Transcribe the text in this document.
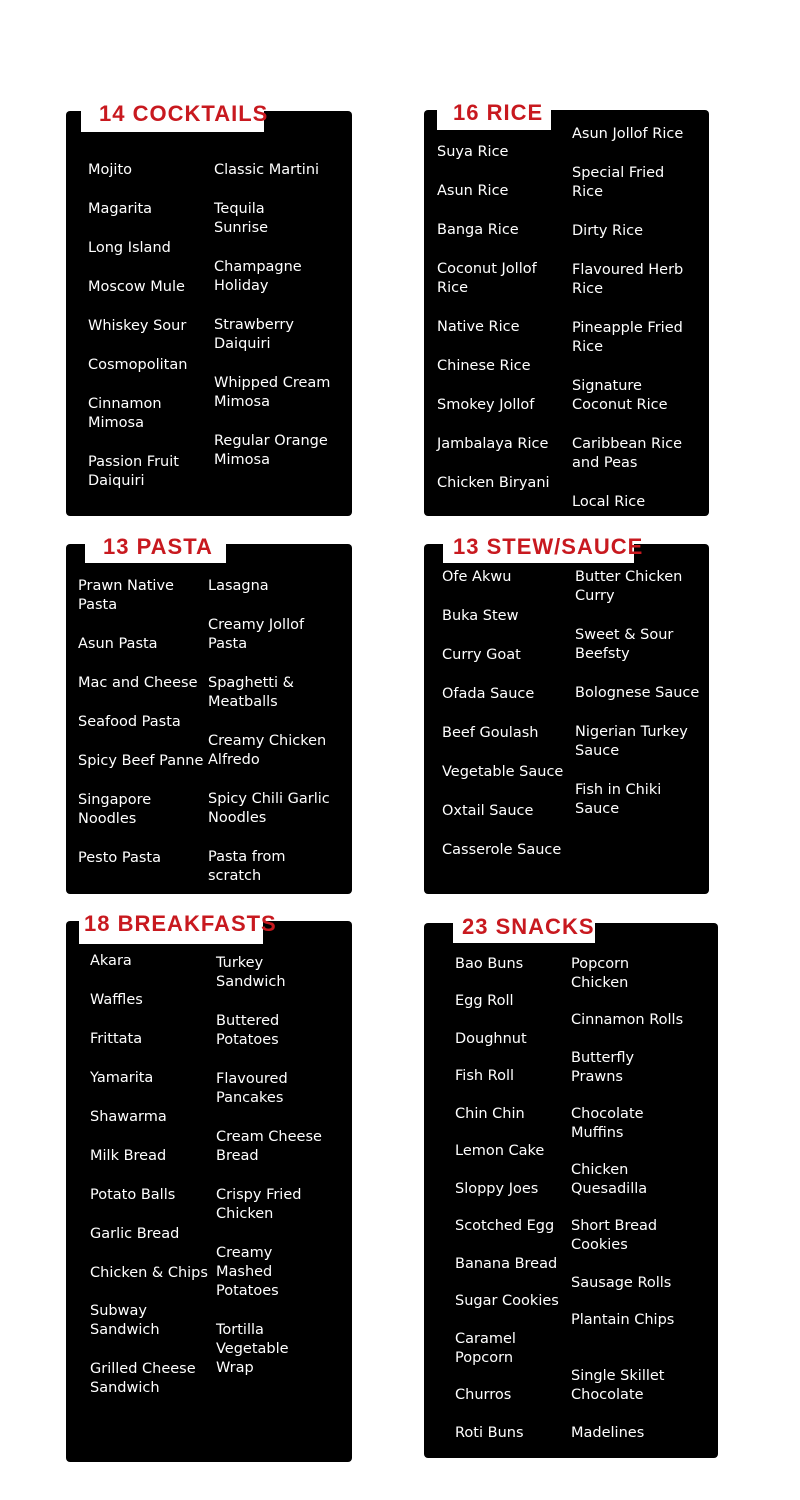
14 COCKTAILS
Mojito
Magarita
Long Island
Moscow Mule
Whiskey Sour
Cosmopolitan
Cinnamon
Mimosa
Passion Fruit
Daiquiri
Classic Martini
Tequila
Sunrise
Champagne
Holiday
Strawberry
Daiquiri
Whipped Cream
Mimosa
Regular Orange
Mimosa
16 RICE
Suya Rice
Asun Rice
Banga Rice
Coconut Jollof
Rice
Native Rice
Chinese Rice
Smokey Jollof
Jambalaya Rice
Chicken Biryani
Asun Jollof Rice
Special Fried
Rice
Dirty Rice
Flavoured Herb
Rice
Pineapple Fried
Rice
Signature
Coconut Rice
Caribbean Rice
and Peas
Local Rice
13 PASTA
Prawn Native
Pasta
Asun Pasta
Mac and Cheese
Seafood Pasta
Spicy Beef Panne
Singapore
Noodles
Pesto Pasta
Lasagna
Creamy Jollof
Pasta
Spaghetti &
Meatballs
Creamy Chicken
Alfredo
Spicy Chili Garlic
Noodles
Pasta from
scratch
13 STEW/SAUCE
Ofe Akwu
Buka Stew
Curry Goat
Ofada Sauce
Beef Goulash
Vegetable Sauce
Oxtail Sauce
Casserole Sauce
Butter Chicken
Curry
Sweet & Sour
Beefsty
Bolognese Sauce
Nigerian Turkey
Sauce
Fish in Chiki
Sauce
18 BREAKFASTS
Akara
Waffles
Frittata
Yamarita
Shawarma
Milk Bread
Potato Balls
Garlic Bread
Chicken & Chips
Subway
Sandwich
Grilled Cheese
Sandwich
Turkey
Sandwich
Buttered
Potatoes
Flavoured
Pancakes
Cream Cheese
Bread
Crispy Fried
Chicken
Creamy
Mashed
Potatoes
Tortilla
Vegetable
Wrap
23 SNACKS
Bao Buns
Egg Roll
Doughnut
Fish Roll
Chin Chin
Lemon Cake
Sloppy Joes
Scotched Egg
Banana Bread
Sugar Cookies
Caramel
Popcorn
Churros
Roti Buns
Popcorn
Chicken
Cinnamon Rolls
Butterfly
Prawns
Chocolate
Muffins
Chicken
Quesadilla
Short Bread
Cookies
Sausage Rolls
Plantain Chips
Single Skillet
Chocolate
Madelines
